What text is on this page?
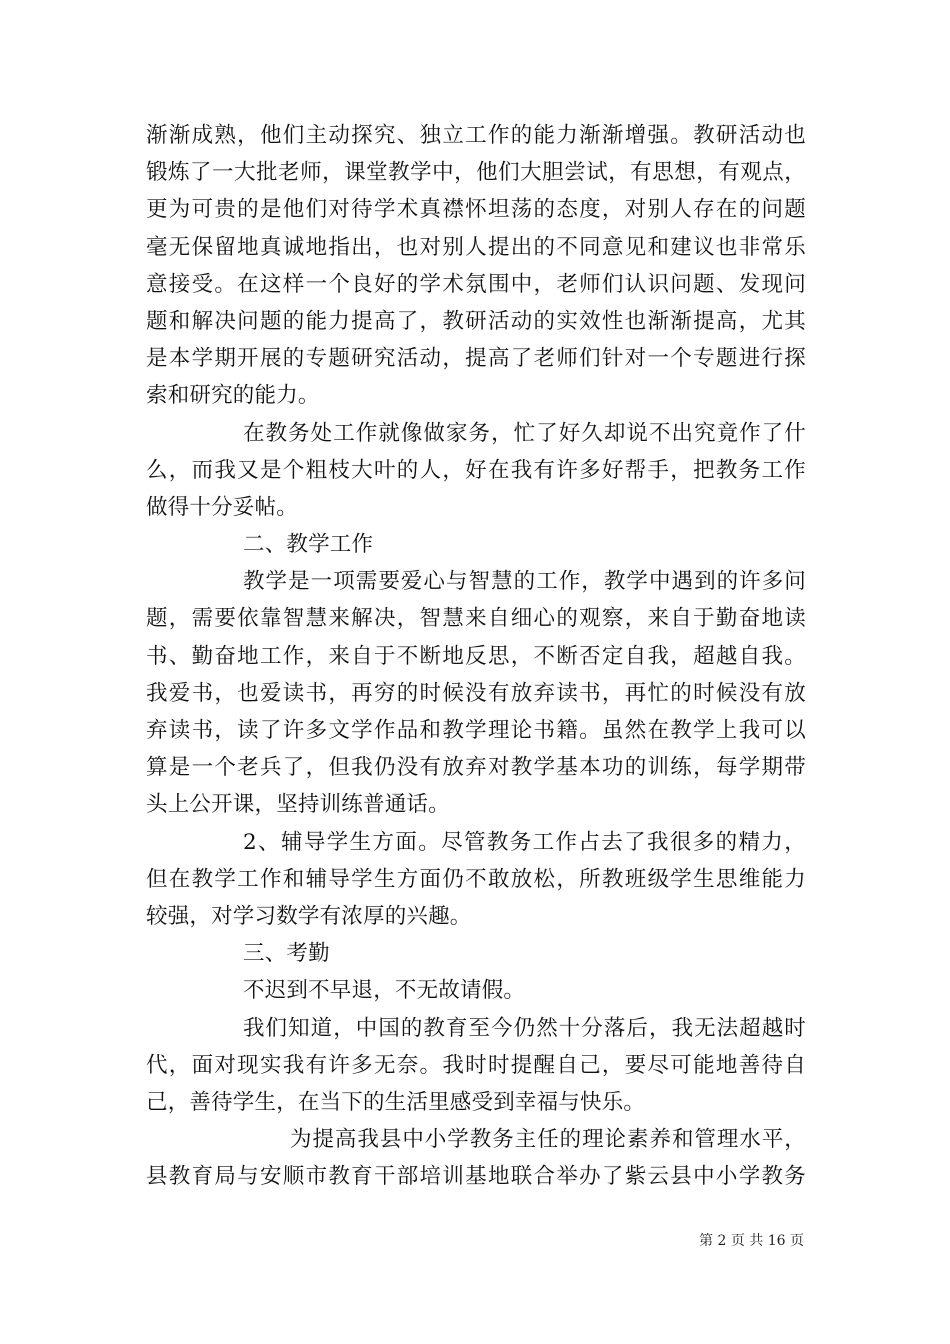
渐渐成熟，他们主动探究、独立工作的能力渐渐增强。教研活动也
锻炼了一大批老师，课堂教学中，他们大胆尝试，有思想，有观点，
更为可贵的是他们对待学术真襟怀坦荡的态度，对别人存在的问题
毫无保留地真诚地指出，也对别人提出的不同意见和建议也非常乐
意接受。在这样一个良好的学术氛围中，老师们认识问题、发现问
题和解决问题的能力提高了，教研活动的实效性也渐渐提高，尤其
是本学期开展的专题研究活动，提高了老师们针对一个专题进行探
索和研究的能力。
在教务处工作就像做家务，忙了好久却说不出究竟作了什
么，而我又是个粗枝大叶的人，好在我有许多好帮手，把教务工作
做得十分妥帖。
二、教学工作
教学是一项需要爱心与智慧的工作，教学中遇到的许多问
题，需要依靠智慧来解决，智慧来自细心的观察，来自于勤奋地读
书、勤奋地工作，来自于不断地反思，不断否定自我，超越自我。
我爱书，也爱读书，再穷的时候没有放弃读书，再忙的时候没有放
弃读书，读了许多文学作品和教学理论书籍。虽然在教学上我可以
算是一个老兵了，但我仍没有放弃对教学基本功的训练，每学期带
头上公开课，坚持训练普通话。
2、辅导学生方面。尽管教务工作占去了我很多的精力，
但在教学工作和辅导学生方面仍不敢放松，所教班级学生思维能力
较强，对学习数学有浓厚的兴趣。
三、考勤
不迟到不早退，不无故请假。
我们知道，中国的教育至今仍然十分落后，我无法超越时
代，面对现实我有许多无奈。我时时提醒自己，要尽可能地善待自
己，善待学生，在当下的生活里感受到幸福与快乐。
为提高我县中小学教务主任的理论素养和管理水平，
县教育局与安顺市教育干部培训基地联合举办了紫云县中小学教务
第 2 页 共 16 页
